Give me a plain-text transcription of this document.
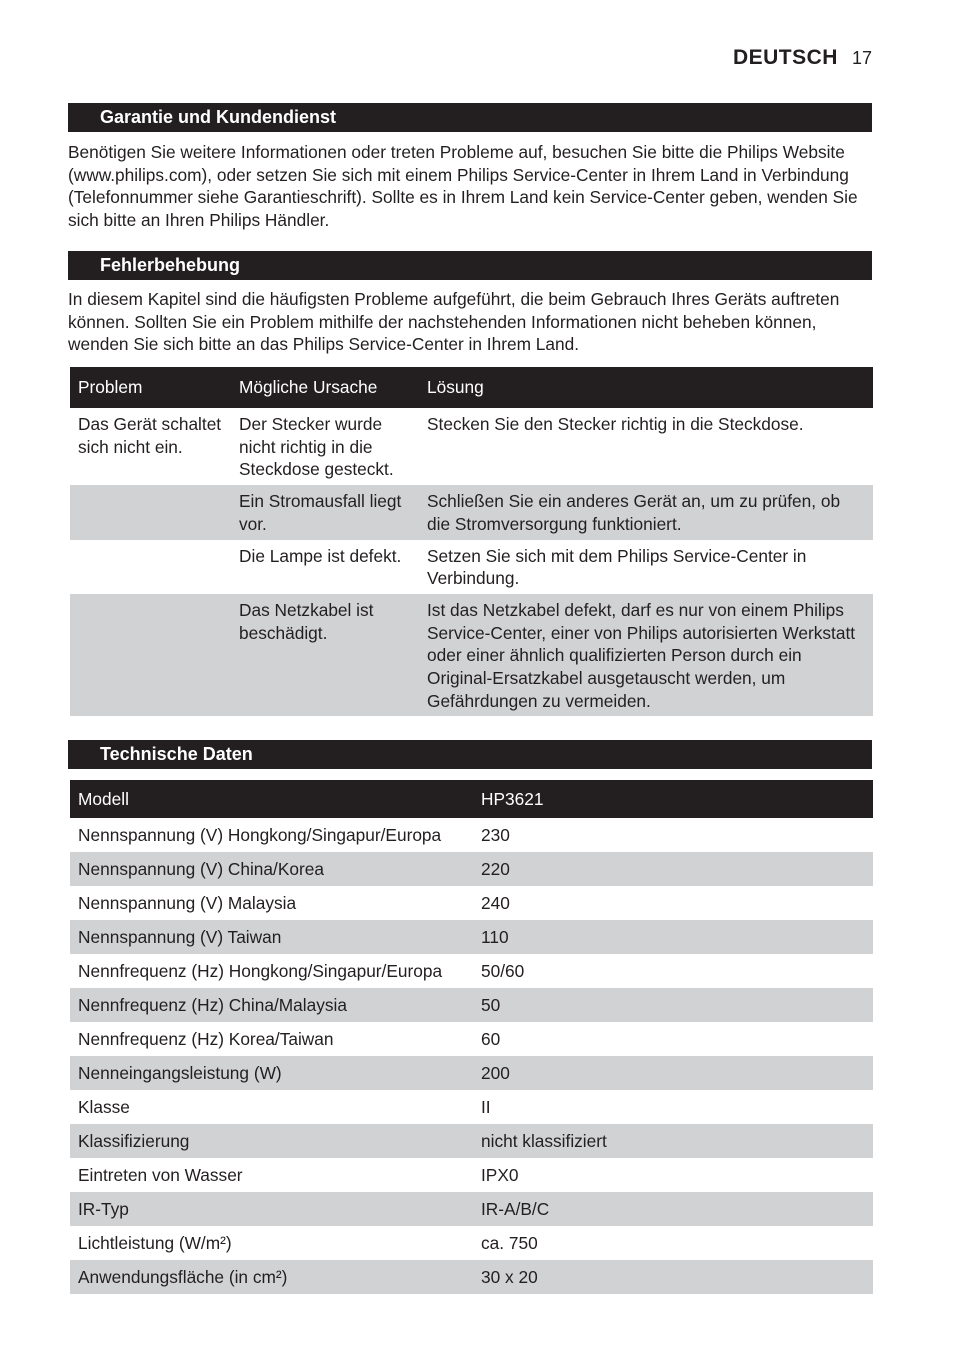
DEUTSCH 17
Garantie und Kundendienst

Benötigen Sie weitere Informationen oder treten Probleme auf, besuchen Sie bitte die Philips Website (www.philips.com), oder setzen Sie sich mit einem Philips Service-Center in Ihrem Land in Verbindung (Telefonnummer siehe Garantieschrift). Sollte es in Ihrem Land kein Service-Center geben, wenden Sie sich bitte an Ihren Philips Händler.

Fehlerbehebung

In diesem Kapitel sind die häufigsten Probleme aufgeführt, die beim Gebrauch Ihres Geräts auftreten können. Sollten Sie ein Problem mithilfe der nachstehenden Informationen nicht beheben können, wenden Sie sich bitte an das Philips Service-Center in Ihrem Land.

Problem	Mögliche Ursache	Lösung
Das Gerät schaltet sich nicht ein.	Der Stecker wurde nicht richtig in die Steckdose gesteckt.	Stecken Sie den Stecker richtig in die Steckdose.
	Ein Stromausfall liegt vor.	Schließen Sie ein anderes Gerät an, um zu prüfen, ob die Stromversorgung funktioniert.
	Die Lampe ist defekt.	Setzen Sie sich mit dem Philips Service-Center in Verbindung.
	Das Netzkabel ist beschädigt.	Ist das Netzkabel defekt, darf es nur von einem Philips Service-Center, einer von Philips autorisierten Werkstatt oder einer ähnlich qualifizierten Person durch ein Original-Ersatzkabel ausgetauscht werden, um Gefährdungen zu vermeiden.
Technische Daten
Modell	HP3621
Nennspannung (V) Hongkong/Singapur/Europa	230
Nennspannung (V) China/Korea	220
Nennspannung (V) Malaysia	240
Nennspannung (V) Taiwan	110
Nennfrequenz (Hz) Hongkong/Singapur/Europa	50/60
Nennfrequenz (Hz) China/Malaysia	50
Nennfrequenz (Hz) Korea/Taiwan	60
Nenneingangsleistung (W)	200
Klasse	II
Klassifizierung	nicht klassifiziert
Eintreten von Wasser	IPX0
IR-Typ	IR-A/B/C
Lichtleistung (W/m²)	ca. 750
Anwendungsfläche (in cm²)	30 x 20
